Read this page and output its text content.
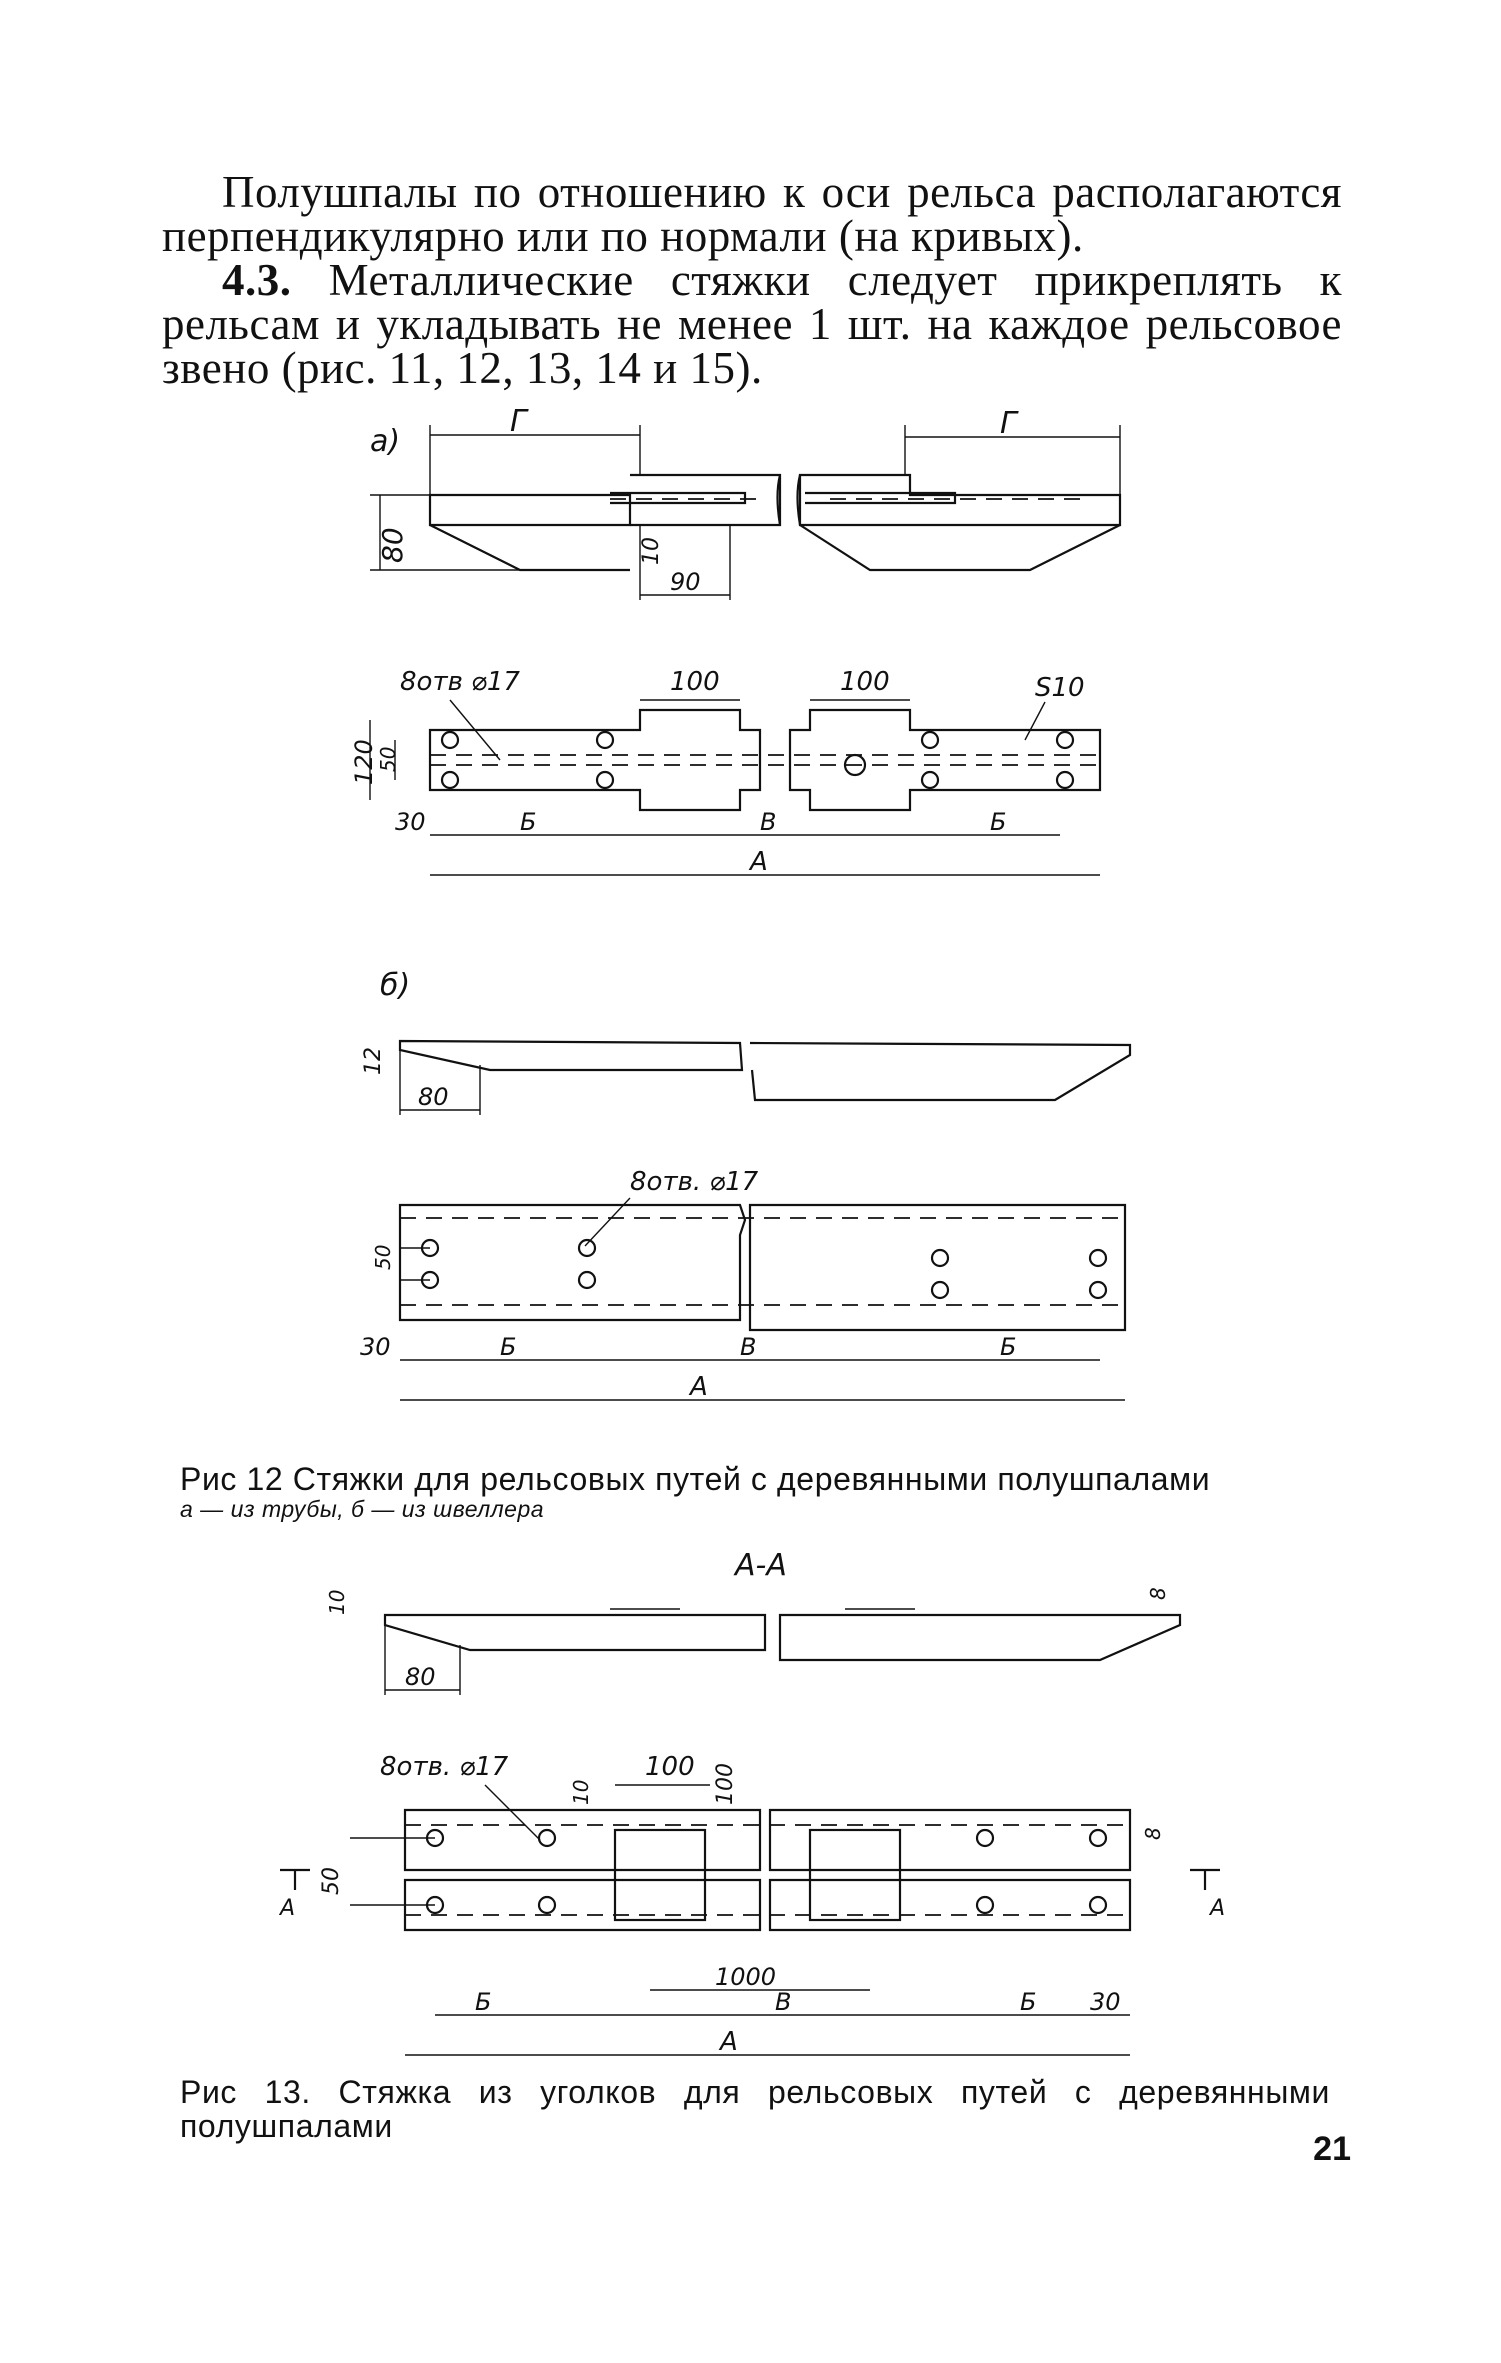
Полушпалы по отношению к оси рельса располагаются перпендикулярно или по нормали (на кривых).

4.3. Металлические стяжки следует прикреплять к рельсам и укладывать не менее 1 шт. на каждое рельсовое звено (рис. 11, 12, 13, 14 и 15).

а)
Г	Г
80	10
90
8отв ⌀17	100	100	S10
120
50
30	Б	В	Б
А
б)
80
12
8отв. ⌀17
50
30	Б	В	Б
А
Рис 12 Стяжки для рельсовых путей с деревянными полушпалами
а — из трубы, б — из швеллера
А-А
10	8
80
8отв. ⌀17	100 100
10
А	А
8
50
1000
Б	В	Б 30
А
Рис 13. Стяжка из уголков для рельсовых путей с деревянными полушпалами
21
